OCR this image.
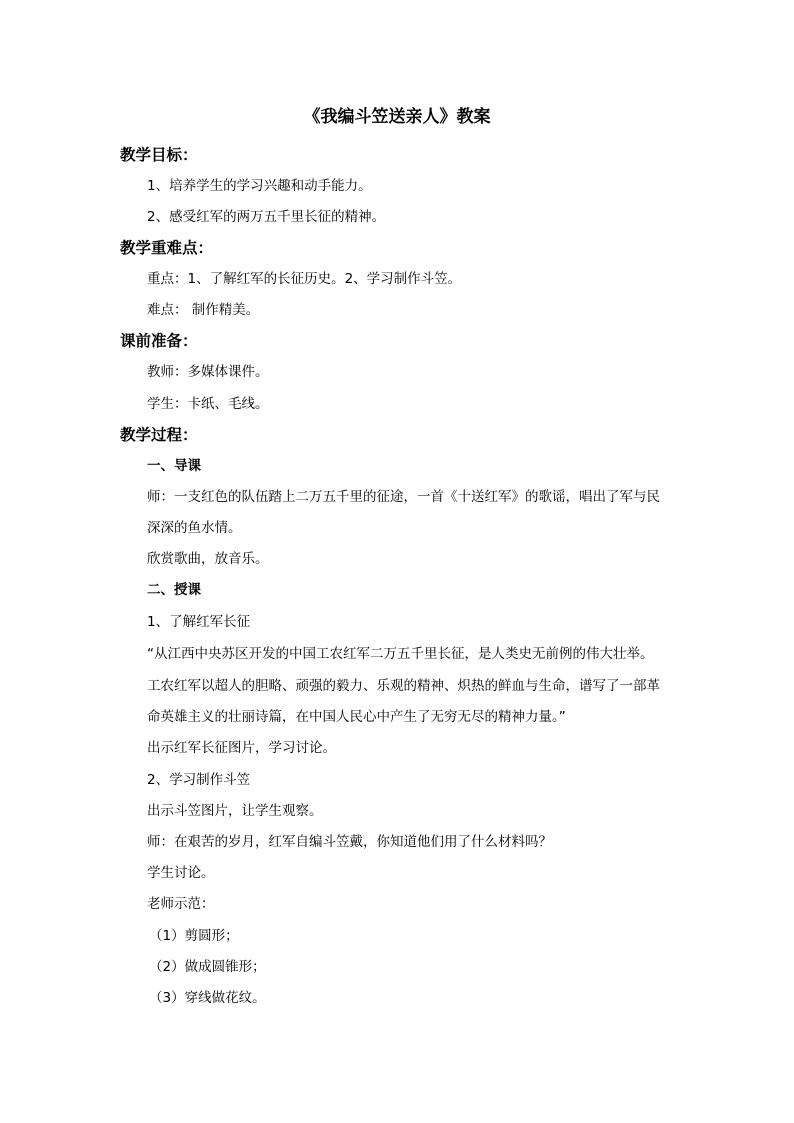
《我编斗笠送亲人》教案
教学目标：
1、培养学生的学习兴趣和动手能力。
2、感受红军的两万五千里长征的精神。
教学重难点：
重点：1、了解红军的长征历史。2、学习制作斗笠。
难点： 制作精美。
课前准备：
教师：多媒体课件。
学生：卡纸、毛线。
教学过程：
一、导课
师：一支红色的队伍踏上二万五千里的征途，一首《十送红军》的歌谣，唱出了军与民
深深的鱼水情。
欣赏歌曲，放音乐。
二、授课
1、了解红军长征
“从江西中央苏区开发的中国工农红军二万五千里长征，是人类史无前例的伟大壮举。
工农红军以超人的胆略、顽强的毅力、乐观的精神、炽热的鲜血与生命，谱写了一部革
命英雄主义的壮丽诗篇，在中国人民心中产生了无穷无尽的精神力量。”
出示红军长征图片，学习讨论。
2、学习制作斗笠
出示斗笠图片，让学生观察。
师：在艰苦的岁月，红军自编斗笠戴，你知道他们用了什么材料吗？
学生讨论。
老师示范：
（1）剪圆形；
（2）做成圆锥形；
（3）穿线做花纹。
